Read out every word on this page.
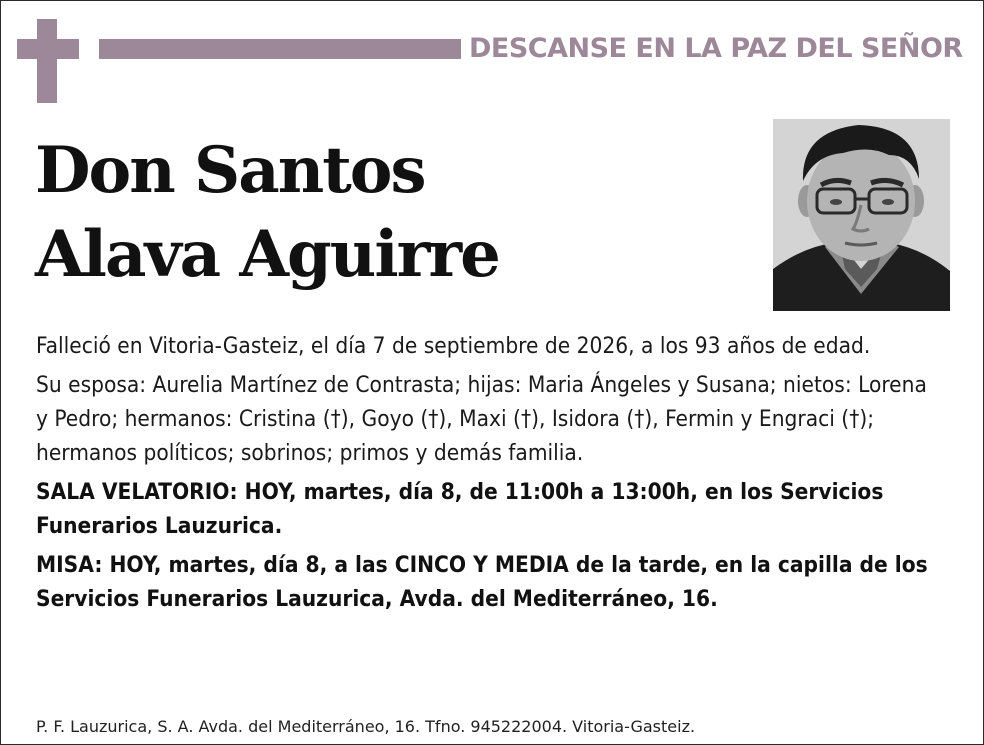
DESCANSE EN LA PAZ DEL SEÑOR
Don Santos
Alava Aguirre

Falleció en Vitoria-Gasteiz, el día 7 de septiembre de 2026, a los 93 años de edad.

Su esposa: Aurelia Martínez de Contrasta; hijas: Maria Ángeles y Susana; nietos: Lorena y Pedro; hermanos: Cristina (†), Goyo (†), Maxi (†), Isidora (†), Fermin y Engraci (†); hermanos políticos; sobrinos; primos y demás familia.

SALA VELATORIO: HOY, martes, día 8, de 11:00h a 13:00h, en los Servicios Funerarios Lauzurica.

MISA: HOY, martes, día 8, a las CINCO Y MEDIA de la tarde, en la capilla de los Servicios Funerarios Lauzurica, Avda. del Mediterráneo, 16.

P. F. Lauzurica, S. A. Avda. del Mediterráneo, 16. Tfno. 945222004. Vitoria-Gasteiz.
